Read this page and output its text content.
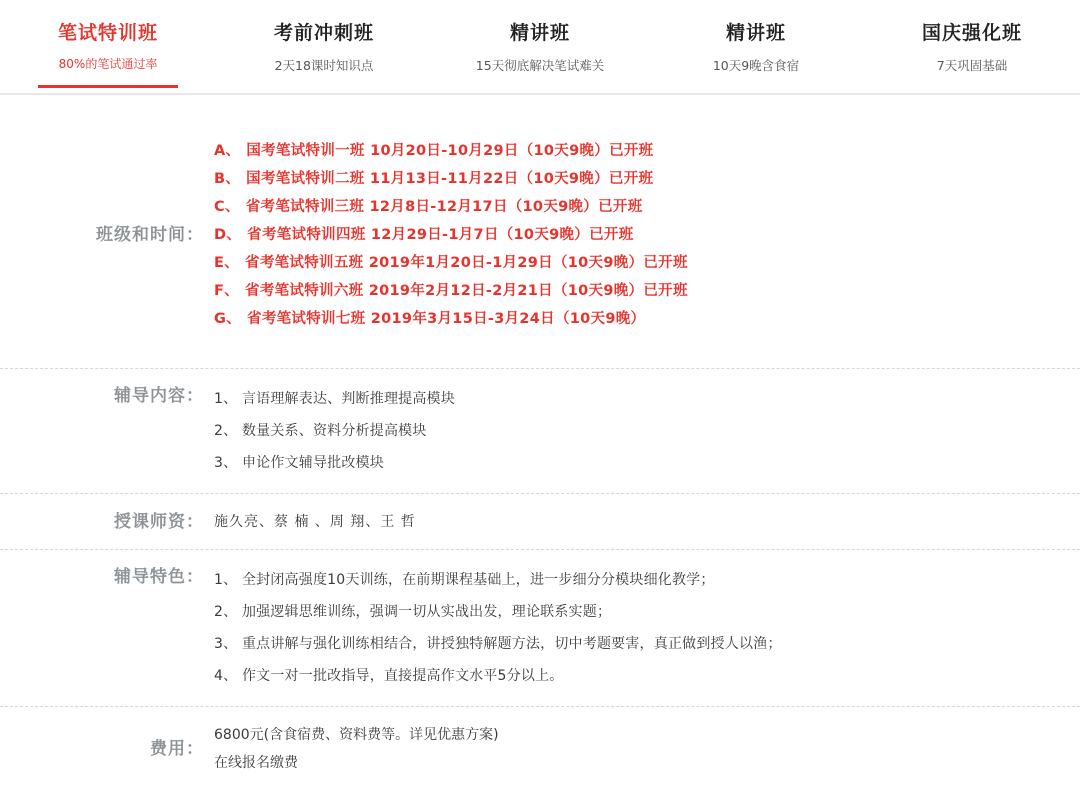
笔试特训班
80%的笔试通过率
考前冲刺班
2天18课时知识点
精讲班
15天彻底解决笔试难关
精讲班
10天9晚含食宿
国庆强化班
7天巩固基础
班级和时间：
A、 国考笔试特训一班 10月20日-10月29日（10天9晚）已开班
B、 国考笔试特训二班 11月13日-11月22日（10天9晚）已开班
C、 省考笔试特训三班 12月8日-12月17日（10天9晚）已开班
D、 省考笔试特训四班 12月29日-1月7日（10天9晚）已开班
E、 省考笔试特训五班 2019年1月20日-1月29日（10天9晚）已开班
F、 省考笔试特训六班 2019年2月12日-2月21日（10天9晚）已开班
G、 省考笔试特训七班 2019年3月15日-3月24日（10天9晚）
辅导内容： 1、 言语理解表达、判断推理提高模块
2、 数量关系、资料分析提高模块
3、 申论作文辅导批改模块
授课师资： 施久亮、蔡 楠 、周 翔、王 哲
辅导特色： 1、 全封闭高强度10天训练，在前期课程基础上，进一步细分分模块细化教学；
2、 加强逻辑思维训练，强调一切从实战出发，理论联系实题；
3、 重点讲解与强化训练相结合，讲授独特解题方法，切中考题要害，真正做到授人以渔；
4、 作文一对一批改指导，直接提高作文水平5分以上。
费用：
6800元(含食宿费、资料费等。详见优惠方案)
在线报名缴费
